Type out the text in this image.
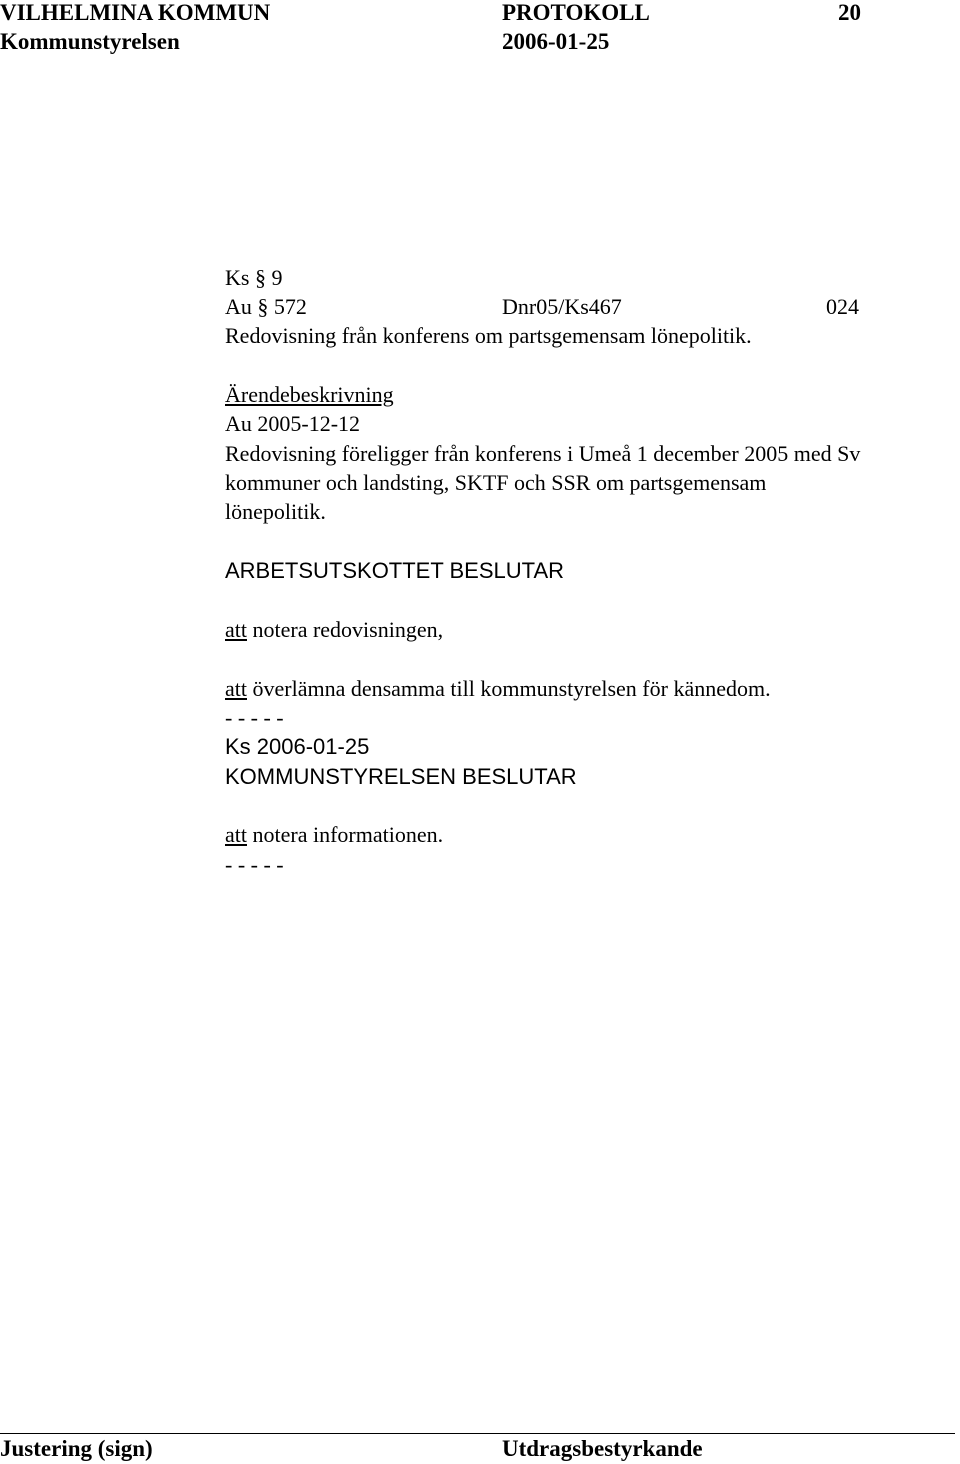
VILHELMINA KOMMUN	PROTOKOLL	20
Kommunstyrelsen	2006-01-25
Ks § 9
Au § 572	Dnr05/Ks467	024
Redovisning från konferens om partsgemensam lönepolitik.
Ärendebeskrivning
Au 2005-12-12
Redovisning föreligger från konferens i Umeå 1 december 2005 med Sv
kommuner och landsting, SKTF och SSR om partsgemensam
lönepolitik.
ARBETSUTSKOTTET BESLUTAR
att notera redovisningen,
att överlämna densamma till kommunstyrelsen för kännedom.
- - - - -
Ks 2006-01-25
KOMMUNSTYRELSEN BESLUTAR
att notera informationen.
- - - - -
Justering (sign)	Utdragsbestyrkande
